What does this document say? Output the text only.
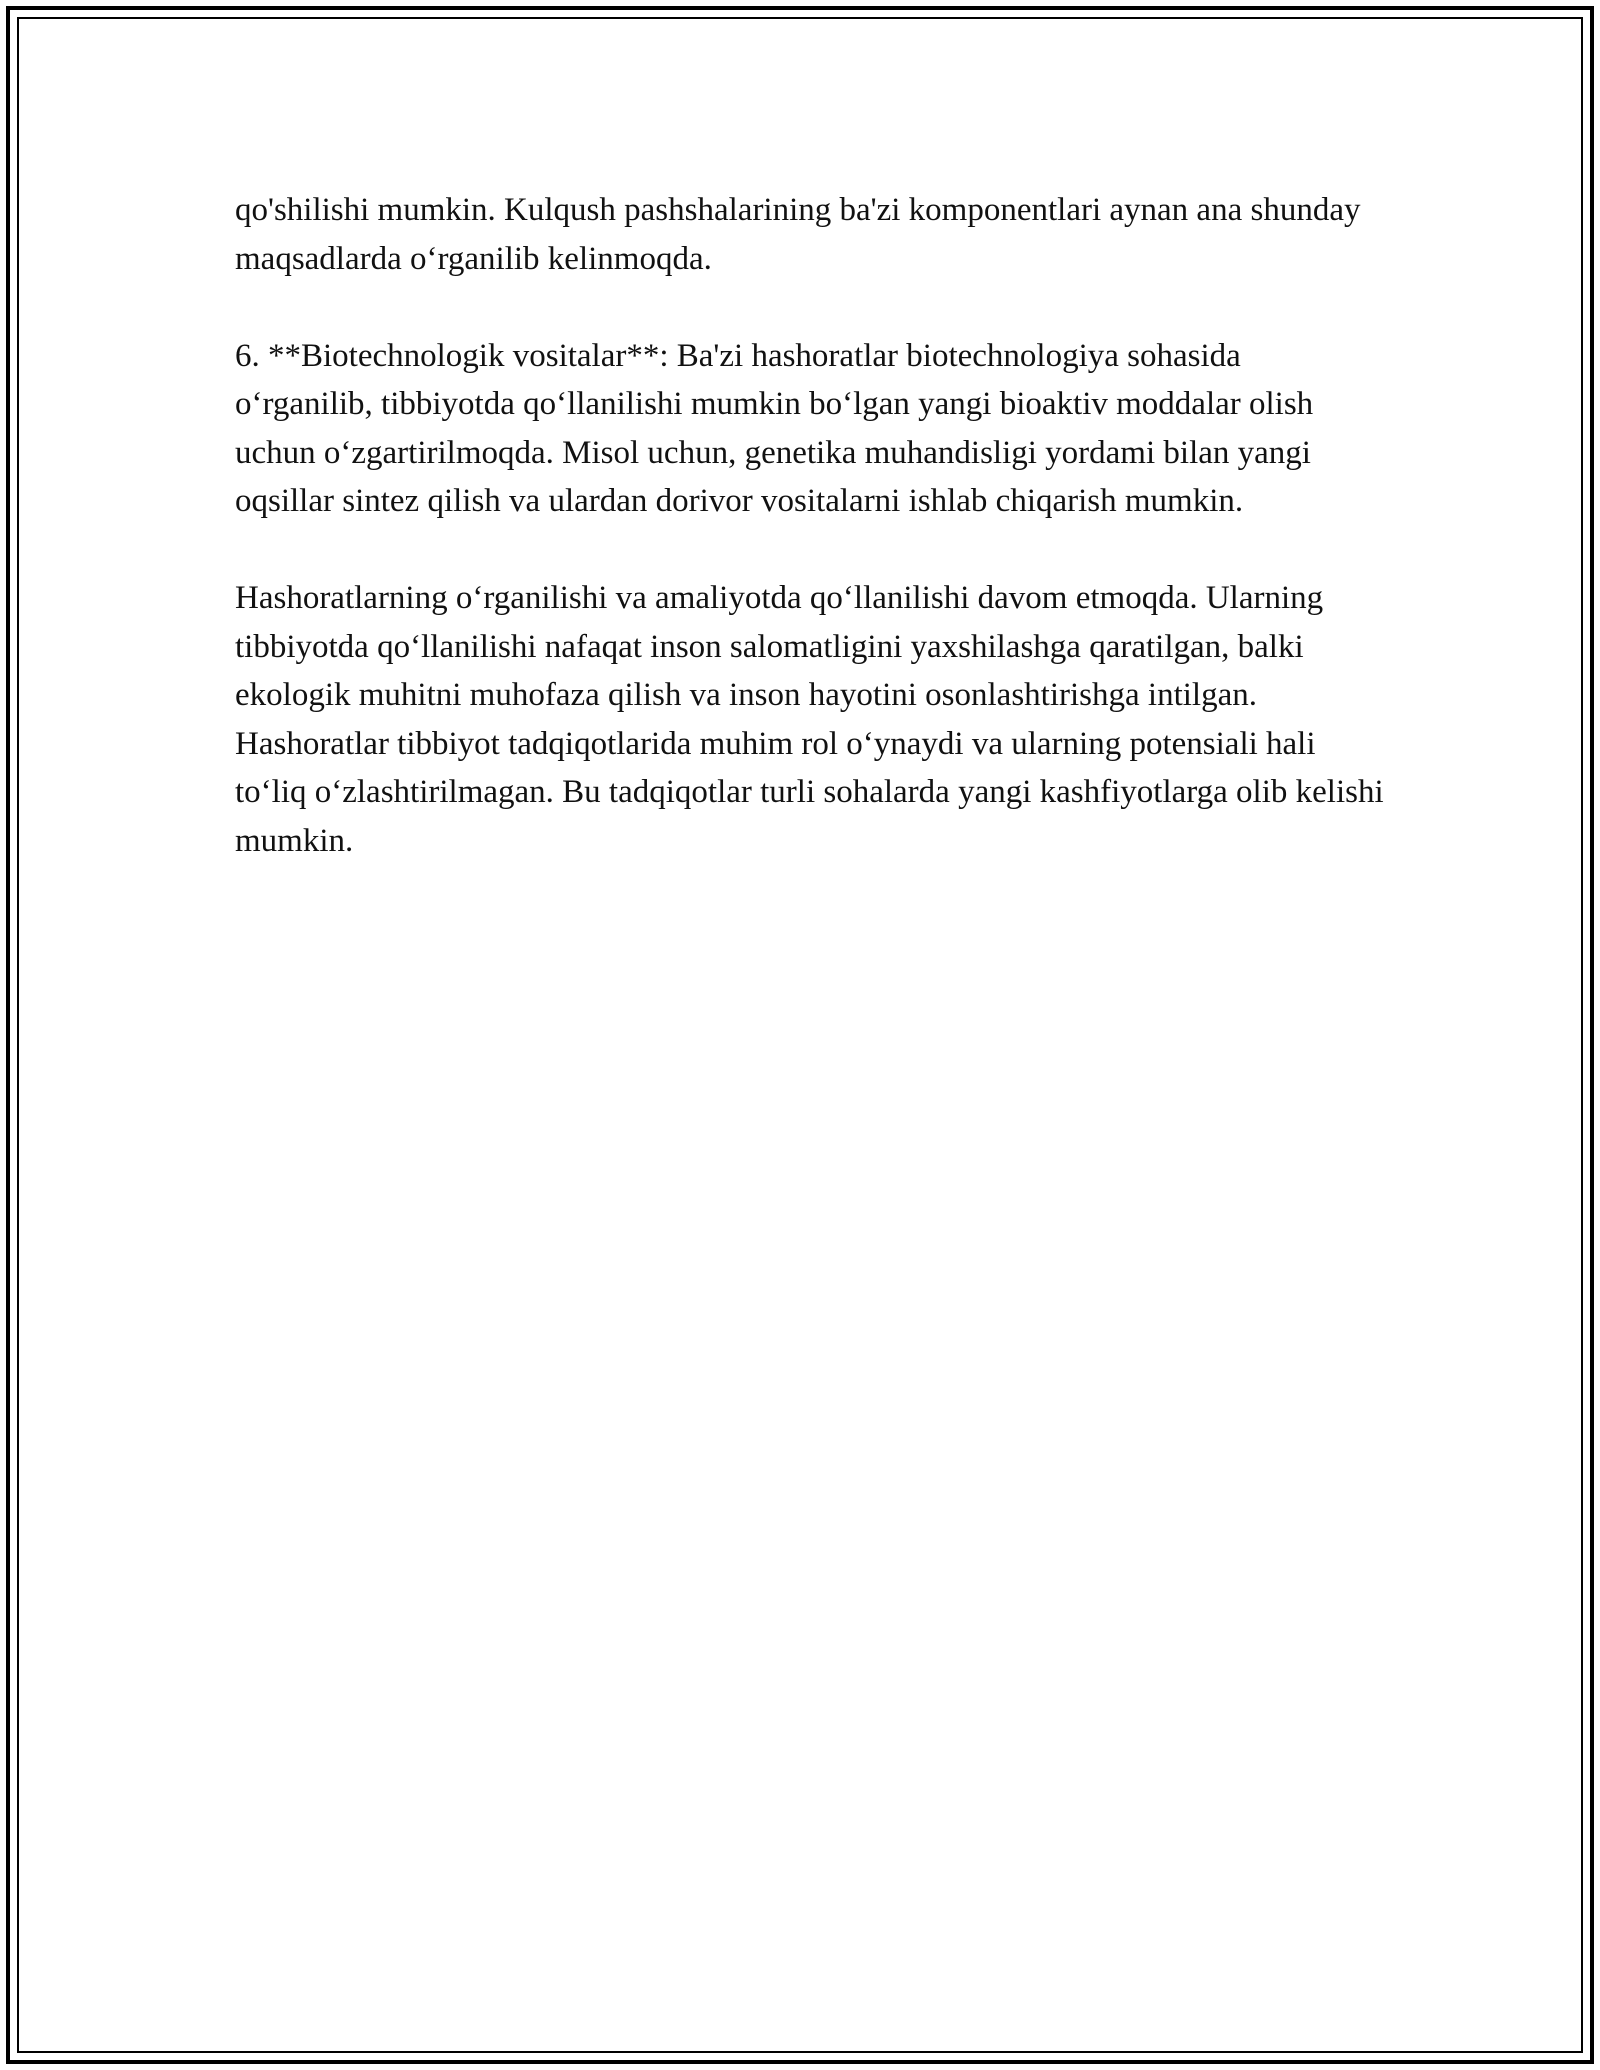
qo'shilishi mumkin. Kulqush pashshalarining ba'zi komponentlari aynan ana shunday maqsadlarda o‘rganilib kelinmoqda.

6. **Biotechnologik vositalar**: Ba'zi hashoratlar biotechnologiya sohasida o‘rganilib, tibbiyotda qo‘llanilishi mumkin bo‘lgan yangi bioaktiv moddalar olish uchun o‘zgartirilmoqda. Misol uchun, genetika muhandisligi yordami bilan yangi oqsillar sintez qilish va ulardan dorivor vositalarni ishlab chiqarish mumkin.

Hashoratlarning o‘rganilishi va amaliyotda qo‘llanilishi davom etmoqda. Ularning tibbiyotda qo‘llanilishi nafaqat inson salomatligini yaxshilashga qaratilgan, balki ekologik muhitni muhofaza qilish va inson hayotini osonlashtirishga intilgan. Hashoratlar tibbiyot tadqiqotlarida muhim rol o‘ynaydi va ularning potensiali hali to‘liq o‘zlashtirilmagan. Bu tadqiqotlar turli sohalarda yangi kashfiyotlarga olib kelishi mumkin.
